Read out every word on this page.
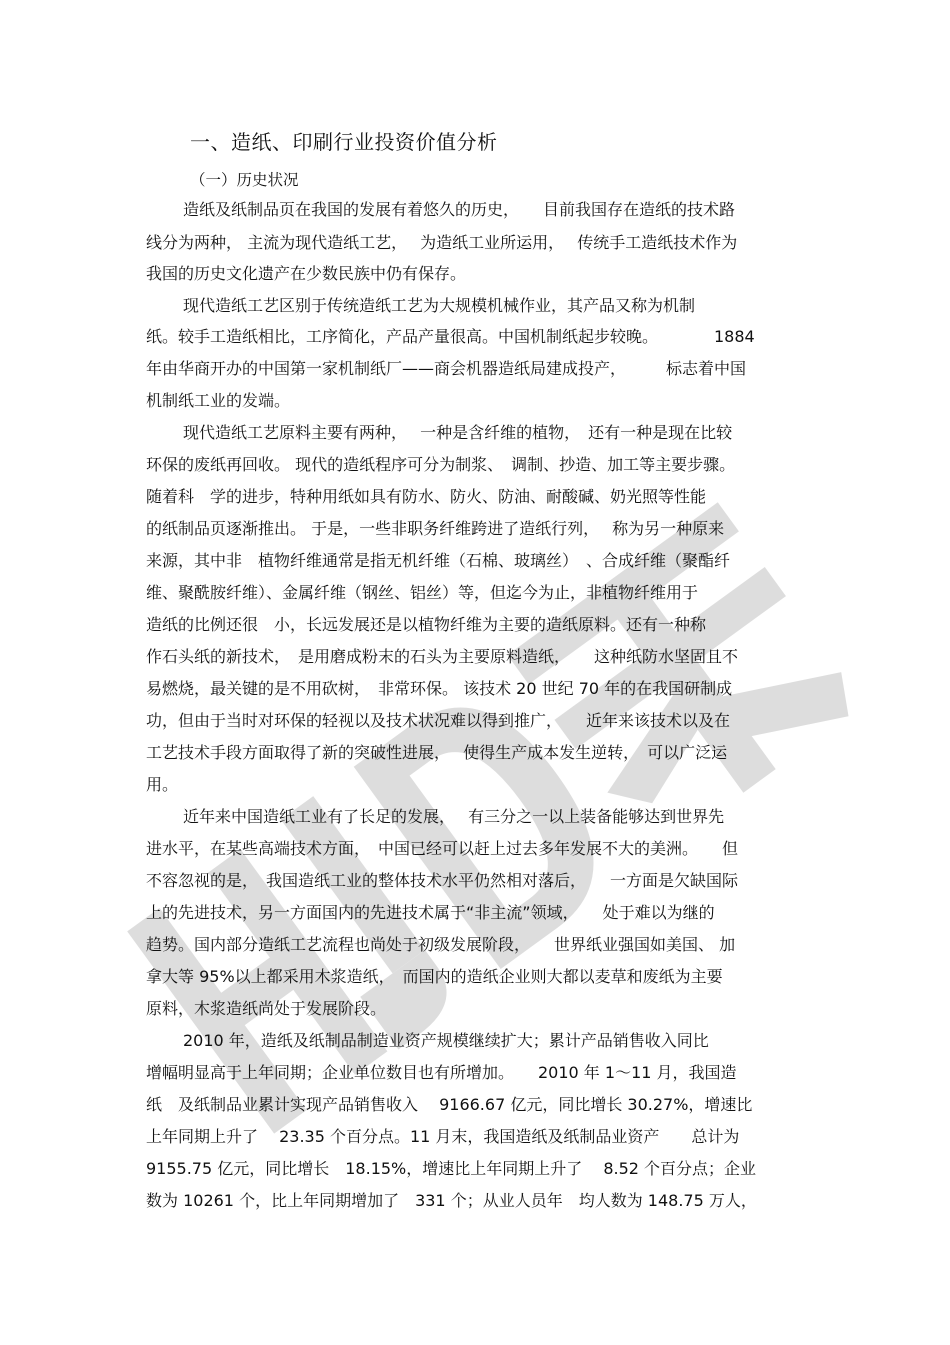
一、造纸、印刷行业投资价值分析
（一）历史状况
造纸及纸制品页在我国的发展有着悠久的历史，　　目前我国存在造纸的技术路
线分为两种， 主流为现代造纸工艺，　 为造纸工业所运用，　 传统手工造纸技术作为
我国的历史文化遗产在少数民族中仍有保存。
现代造纸工艺区别于传统造纸工艺为大规模机械作业，其产品又称为机制
纸。较手工造纸相比，工序简化，产品产量很高。中国机制纸起步较晚。　　　　1884
年由华商开办的中国第一家机制纸厂——商会机器造纸局建成投产，　　　标志着中国
机制纸工业的发端。
现代造纸工艺原料主要有两种，　 一种是含纤维的植物，　还有一种是现在比较
环保的废纸再回收。 现代的造纸程序可分为制浆、　调制、抄造、加工等主要步骤。
随着科　学的进步，特种用纸如具有防水、防火、防油、耐酸碱、奶光照等性能
的纸制品页逐渐推出。 于是，一些非职务纤维跨进了造纸行列，　 称为另一种原来
来源，其中非　植物纤维通常是指无机纤维（石棉、玻璃丝）　、合成纤维（聚酯纤
维、聚酰胺纤维）、金属纤维（钢丝、铝丝）等，但迄今为止，非植物纤维用于
造纸的比例还很　小，长远发展还是以植物纤维为主要的造纸原料。还有一种称
作石头纸的新技术，　是用磨成粉末的石头为主要原料造纸，　　这种纸防水坚固且不
易燃烧，最关键的是不用砍树，　非常环保。 该技术 20 世纪 70 年的在我国研制成
功，但由于当时对环保的轻视以及技术状况难以得到推广，　　近年来该技术以及在
工艺技术手段方面取得了新的突破性进展，　 使得生产成本发生逆转，　可以广泛运
用。
近年来中国造纸工业有了长足的发展，　 有三分之一以上装备能够达到世界先
进水平，在某些高端技术方面，　中国已经可以赶上过去多年发展不大的美洲。　　但
不容忽视的是，　我国造纸工业的整体技术水平仍然相对落后，　　一方面是欠缺国际
上的先进技术，另一方面国内的先进技术属于“非主流”领域，　　处于难以为继的
趋势。国内部分造纸工艺流程也尚处于初级发展阶段，　　世界纸业强国如美国、 加
拿大等 95%以上都采用木浆造纸，　而国内的造纸企业则大都以麦草和废纸为主要
原料，木浆造纸尚处于发展阶段。
2010 年，造纸及纸制品制造业资产规模继续扩大；累计产品销售收入同比
增幅明显高于上年同期；企业单位数目也有所增加。　　2010 年 1～11 月，我国造
纸　及纸制品业累计实现产品销售收入　 9166.67 亿元，同比增长 30.27%，增速比
上年同期上升了　 23.35 个百分点。11 月末，我国造纸及纸制品业资产　　总计为
9155.75 亿元，同比增长　18.15%，增速比上年同期上升了　 8.52 个百分点；企业
数为 10261 个，比上年同期增加了　331 个；从业人员年　均人数为 148.75 万人，
